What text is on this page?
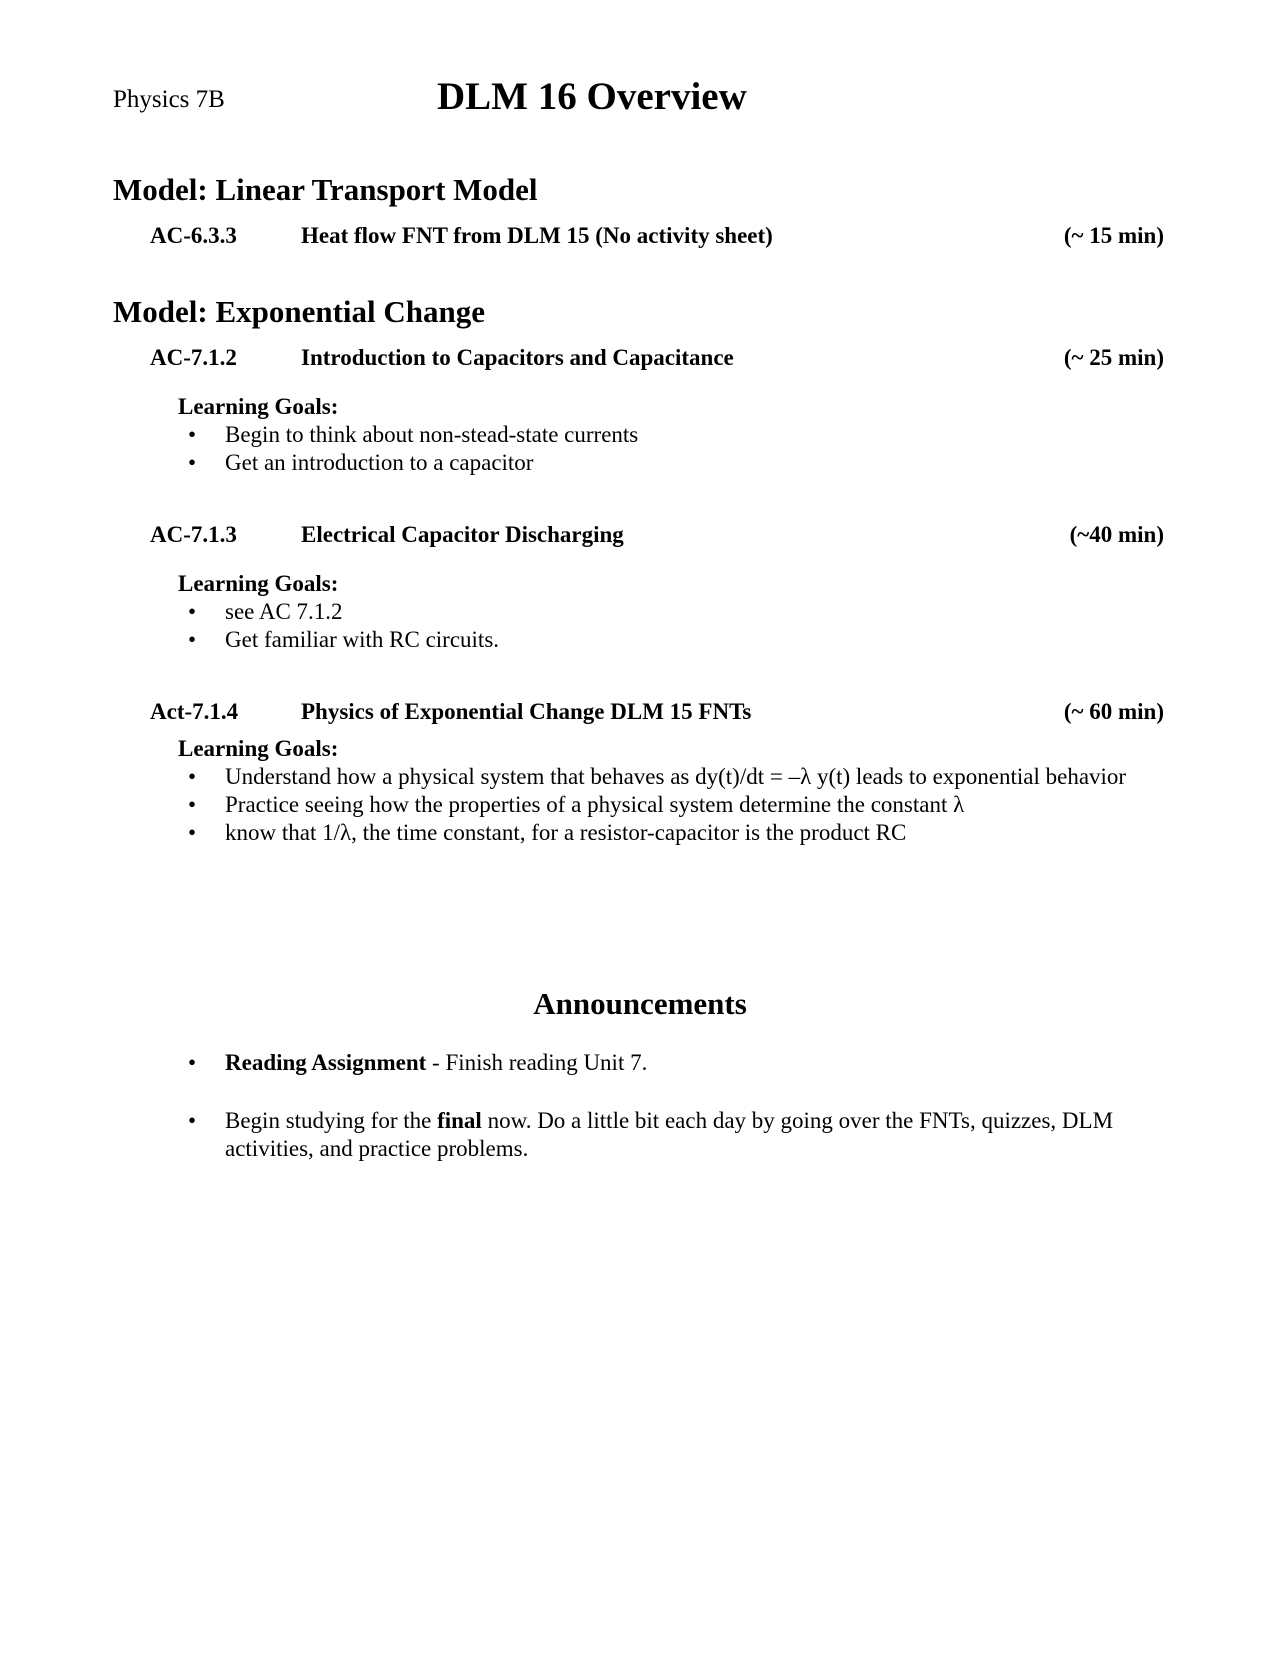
Physics 7B	DLM 16 Overview
Model: Linear Transport Model
AC-6.3.3	Heat flow FNT from DLM 15 (No activity sheet)	(~ 15 min)
Model: Exponential Change
AC-7.1.2	Introduction to Capacitors and Capacitance	(~ 25 min)
Learning Goals:
• Begin to think about non-stead-state currents
• Get an introduction to a capacitor
AC-7.1.3	Electrical Capacitor Discharging	(~40 min)
Learning Goals:
• see AC 7.1.2
• Get familiar with RC circuits.
Act-7.1.4	Physics of Exponential Change DLM 15 FNTs	(~ 60 min)
Learning Goals:
• Understand how a physical system that behaves as dy(t)/dt = –λ y(t) leads to exponential behavior
• Practice seeing how the properties of a physical system determine the constant λ
• know that 1/λ, the time constant, for a resistor-capacitor is the product RC
Announcements
• Reading Assignment - Finish reading Unit 7.
• Begin studying for the final now. Do a little bit each day by going over the FNTs, quizzes, DLM activities, and practice problems.
